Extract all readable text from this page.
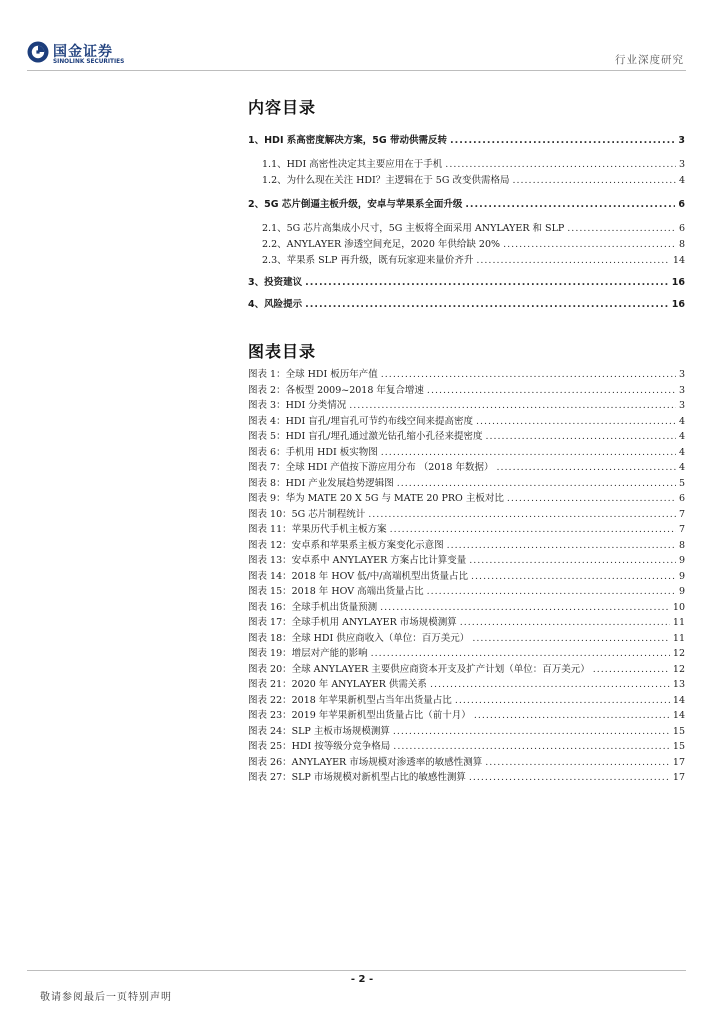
国金证券
SINOLINK SECURITIES	行业深度研究
内容目录
1、HDI 系高密度解决方案，5G 带动供需反转 .....	3
1.1、HDI 高密性决定其主要应用在于手机 .....	3
1.2、为什么现在关注 HDI？主逻辑在于 5G 改变供需格局 .....	4
2、5G 芯片倒逼主板升级，安卓与苹果系全面升级 .....	6
2.1、5G 芯片高集成小尺寸，5G 主板将全面采用 ANYLAYER 和 SLP .....	6
2.2、ANYLAYER 渗透空间充足，2020 年供给缺 20% .....	8
2.3、苹果系 SLP 再升级，既有玩家迎来量价齐升 .....	14
3、投资建议 .....	16
4、风险提示 .....	16
图表目录
图表 1：全球 HDI 板历年产值 .....	3
图表 2：各板型 2009~2018 年复合增速 .....	3
图表 3：HDI 分类情况 .....	3
图表 4：HDI 盲孔/埋盲孔可节约布线空间来提高密度 .....	4
图表 5：HDI 盲孔/埋孔通过激光钻孔缩小孔径来提密度 .....	4
图表 6：手机用 HDI 板实物图 .....	4
图表 7：全球 HDI 产值按下游应用分布 （2018 年数据） .....	4
图表 8：HDI 产业发展趋势逻辑图 .....	5
图表 9：华为 MATE 20 X 5G 与 MATE 20 PRO 主板对比 .....	6
图表 10：5G 芯片制程统计 .....	7
图表 11：苹果历代手机主板方案 .....	7
图表 12：安卓系和苹果系主板方案变化示意图 .....	8
图表 13：安卓系中 ANYLAYER 方案占比计算变量 .....	9
图表 14：2018 年 HOV 低/中/高端机型出货量占比 .....	9
图表 15：2018 年 HOV 高端出货量占比 .....	9
图表 16：全球手机出货量预测 .....	10
图表 17：全球手机用 ANYLAYER 市场规模测算 .....	11
图表 18：全球 HDI 供应商收入（单位：百万美元） .....	11
图表 19：增层对产能的影响 .....	12
图表 20：全球 ANYLAYER 主要供应商资本开支及扩产计划（单位：百万美元） .....	12
图表 21：2020 年 ANYLAYER 供需关系 .....	13
图表 22：2018 年苹果新机型占当年出货量占比 .....	14
图表 23：2019 年苹果新机型出货量占比（前十月） .....	14
图表 24：SLP 主板市场规模测算 .....	15
图表 25：HDI 按等级分竞争格局 .....	15
图表 26：ANYLAYER 市场规模对渗透率的敏感性测算 .....	17
图表 27：SLP 市场规模对新机型占比的敏感性测算 .....	17
- 2 -
敬请参阅最后一页特别声明
